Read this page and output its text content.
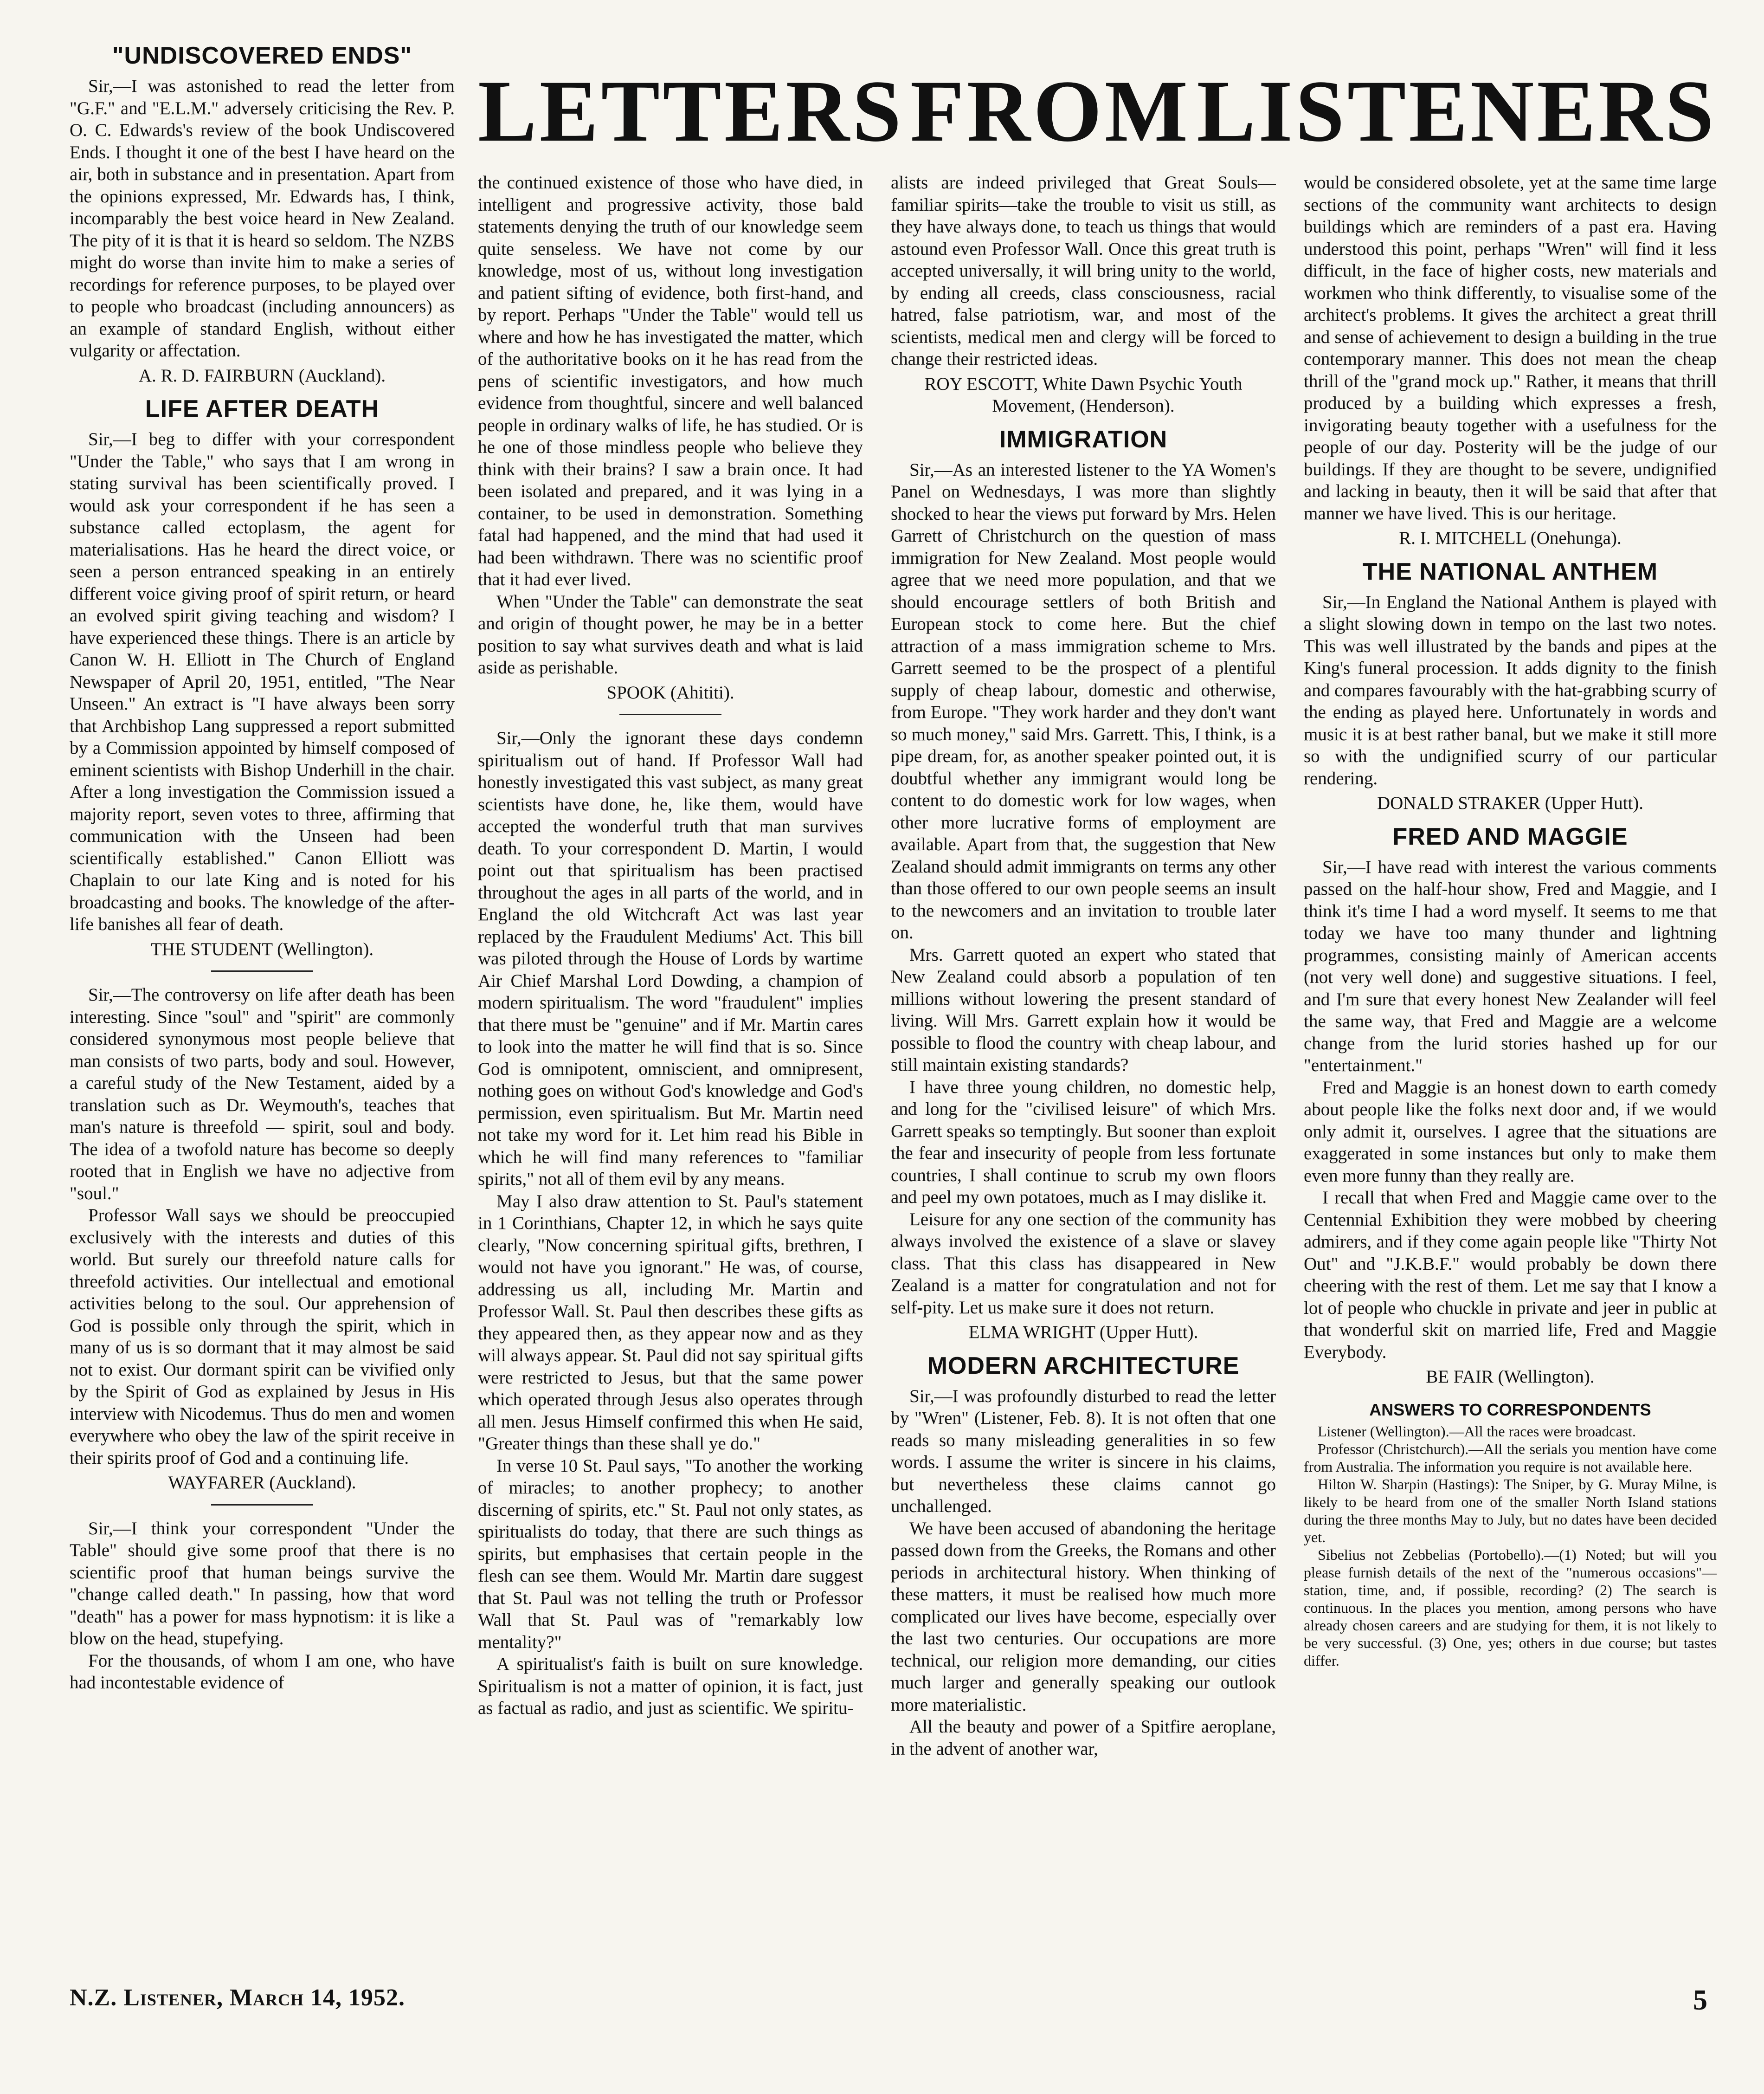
LETTERS FROM LISTENERS
"UNDISCOVERED ENDS"

Sir,—I was astonished to read the letter from "G.F." and "E.L.M." adversely criticising the Rev. P. O. C. Edwards's review of the book Undiscovered Ends. I thought it one of the best I have heard on the air, both in substance and in presentation. Apart from the opinions expressed, Mr. Edwards has, I think, incomparably the best voice heard in New Zealand. The pity of it is that it is heard so seldom. The NZBS might do worse than invite him to make a series of recordings for reference purposes, to be played over to people who broadcast (including announcers) as an example of standard English, without either vulgarity or affectation.

A. R. D. FAIRBURN (Auckland).
LIFE AFTER DEATH

Sir,—I beg to differ with your correspondent "Under the Table," who says that I am wrong in stating survival has been scientifically proved. I would ask your correspondent if he has seen a substance called ectoplasm, the agent for materialisations. Has he heard the direct voice, or seen a person entranced speaking in an entirely different voice giving proof of spirit return, or heard an evolved spirit giving teaching and wisdom? I have experienced these things. There is an article by Canon W. H. Elliott in The Church of England Newspaper of April 20, 1951, entitled, "The Near Unseen." An extract is "I have always been sorry that Archbishop Lang suppressed a report submitted by a Commission appointed by himself composed of eminent scientists with Bishop Underhill in the chair. After a long investigation the Commission issued a majority report, seven votes to three, affirming that communication with the Unseen had been scientifically established." Canon Elliott was Chaplain to our late King and is noted for his broadcasting and books. The knowledge of the after-life banishes all fear of death.

THE STUDENT (Wellington).

Sir,—The controversy on life after death has been interesting. Since "soul" and "spirit" are commonly considered synonymous most people believe that man consists of two parts, body and soul. However, a careful study of the New Testament, aided by a translation such as Dr. Weymouth's, teaches that man's nature is threefold — spirit, soul and body. The idea of a twofold nature has become so deeply rooted that in English we have no adjective from "soul."

Professor Wall says we should be preoccupied exclusively with the interests and duties of this world. But surely our threefold nature calls for threefold activities. Our intellectual and emotional activities belong to the soul. Our apprehension of God is possible only through the spirit, which in many of us is so dormant that it may almost be said not to exist. Our dormant spirit can be vivified only by the Spirit of God as explained by Jesus in His interview with Nicodemus. Thus do men and women everywhere who obey the law of the spirit receive in their spirits proof of God and a continuing life.

WAYFARER (Auckland).

Sir,—I think your correspondent "Under the Table" should give some proof that there is no scientific proof that human beings survive the "change called death." In passing, how that word "death" has a power for mass hypnotism: it is like a blow on the head, stupefying.

For the thousands, of whom I am one, who have had incontestable evidence of

the continued existence of those who have died, in intelligent and progressive activity, those bald statements denying the truth of our knowledge seem quite senseless. We have not come by our knowledge, most of us, without long investigation and patient sifting of evidence, both first-hand, and by report. Perhaps "Under the Table" would tell us where and how he has investigated the matter, which of the authoritative books on it he has read from the pens of scientific investigators, and how much evidence from thoughtful, sincere and well balanced people in ordinary walks of life, he has studied. Or is he one of those mindless people who believe they think with their brains? I saw a brain once. It had been isolated and prepared, and it was lying in a container, to be used in demonstration. Something fatal had happened, and the mind that had used it had been withdrawn. There was no scientific proof that it had ever lived.

When "Under the Table" can demonstrate the seat and origin of thought power, he may be in a better position to say what survives death and what is laid aside as perishable.

SPOOK (Ahititi).

Sir,—Only the ignorant these days condemn spiritualism out of hand. If Professor Wall had honestly investigated this vast subject, as many great scientists have done, he, like them, would have accepted the wonderful truth that man survives death. To your correspondent D. Martin, I would point out that spiritualism has been practised throughout the ages in all parts of the world, and in England the old Witchcraft Act was last year replaced by the Fraudulent Mediums' Act. This bill was piloted through the House of Lords by wartime Air Chief Marshal Lord Dowding, a champion of modern spiritualism. The word "fraudulent" implies that there must be "genuine" and if Mr. Martin cares to look into the matter he will find that is so. Since God is omnipotent, omniscient, and omnipresent, nothing goes on without God's knowledge and God's permission, even spiritualism. But Mr. Martin need not take my word for it. Let him read his Bible in which he will find many references to "familiar spirits," not all of them evil by any means.

May I also draw attention to St. Paul's statement in 1 Corinthians, Chapter 12, in which he says quite clearly, "Now concerning spiritual gifts, brethren, I would not have you ignorant." He was, of course, addressing us all, including Mr. Martin and Professor Wall. St. Paul then describes these gifts as they appeared then, as they appear now and as they will always appear. St. Paul did not say spiritual gifts were restricted to Jesus, but that the same power which operated through Jesus also operates through all men. Jesus Himself confirmed this when He said, "Greater things than these shall ye do."

In verse 10 St. Paul says, "To another the working of miracles; to another prophecy; to another discerning of spirits, etc." St. Paul not only states, as spiritualists do today, that there are such things as spirits, but emphasises that certain people in the flesh can see them. Would Mr. Martin dare suggest that St. Paul was not telling the truth or Professor Wall that St. Paul was of "remarkably low mentality?"

A spiritualist's faith is built on sure knowledge. Spiritualism is not a matter of opinion, it is fact, just as factual as radio, and just as scientific. We spiritu-

alists are indeed privileged that Great Souls—familiar spirits—take the trouble to visit us still, as they have always done, to teach us things that would astound even Professor Wall. Once this great truth is accepted universally, it will bring unity to the world, by ending all creeds, class consciousness, racial hatred, false patriotism, war, and most of the scientists, medical men and clergy will be forced to change their restricted ideas.

ROY ESCOTT, White Dawn Psychic Youth Movement, (Henderson).
IMMIGRATION

Sir,—As an interested listener to the YA Women's Panel on Wednesdays, I was more than slightly shocked to hear the views put forward by Mrs. Helen Garrett of Christchurch on the question of mass immigration for New Zealand. Most people would agree that we need more population, and that we should encourage settlers of both British and European stock to come here. But the chief attraction of a mass immigration scheme to Mrs. Garrett seemed to be the prospect of a plentiful supply of cheap labour, domestic and otherwise, from Europe. "They work harder and they don't want so much money," said Mrs. Garrett. This, I think, is a pipe dream, for, as another speaker pointed out, it is doubtful whether any immigrant would long be content to do domestic work for low wages, when other more lucrative forms of employment are available. Apart from that, the suggestion that New Zealand should admit immigrants on terms any other than those offered to our own people seems an insult to the newcomers and an invitation to trouble later on.

Mrs. Garrett quoted an expert who stated that New Zealand could absorb a population of ten millions without lowering the present standard of living. Will Mrs. Garrett explain how it would be possible to flood the country with cheap labour, and still maintain existing standards?

I have three young children, no domestic help, and long for the "civilised leisure" of which Mrs. Garrett speaks so temptingly. But sooner than exploit the fear and insecurity of people from less fortunate countries, I shall continue to scrub my own floors and peel my own potatoes, much as I may dislike it.

Leisure for any one section of the community has always involved the existence of a slave or slavey class. That this class has disappeared in New Zealand is a matter for congratulation and not for self-pity. Let us make sure it does not return.

ELMA WRIGHT (Upper Hutt).
MODERN ARCHITECTURE

Sir,—I was profoundly disturbed to read the letter by "Wren" (Listener, Feb. 8). It is not often that one reads so many misleading generalities in so few words. I assume the writer is sincere in his claims, but nevertheless these claims cannot go unchallenged.

We have been accused of abandoning the heritage passed down from the Greeks, the Romans and other periods in architectural history. When thinking of these matters, it must be realised how much more complicated our lives have become, especially over the last two centuries. Our occupations are more technical, our religion more demanding, our cities much larger and generally speaking our outlook more materialistic.

All the beauty and power of a Spitfire aeroplane, in the advent of another war,

would be considered obsolete, yet at the same time large sections of the community want architects to design buildings which are reminders of a past era. Having understood this point, perhaps "Wren" will find it less difficult, in the face of higher costs, new materials and workmen who think differently, to visualise some of the architect's problems. It gives the architect a great thrill and sense of achievement to design a building in the true contemporary manner. This does not mean the cheap thrill of the "grand mock up." Rather, it means that thrill produced by a building which expresses a fresh, invigorating beauty together with a usefulness for the people of our day. Posterity will be the judge of our buildings. If they are thought to be severe, undignified and lacking in beauty, then it will be said that after that manner we have lived. This is our heritage.

R. I. MITCHELL (Onehunga).
THE NATIONAL ANTHEM

Sir,—In England the National Anthem is played with a slight slowing down in tempo on the last two notes. This was well illustrated by the bands and pipes at the King's funeral procession. It adds dignity to the finish and compares favourably with the hat-grabbing scurry of the ending as played here. Unfortunately in words and music it is at best rather banal, but we make it still more so with the undignified scurry of our particular rendering.

DONALD STRAKER (Upper Hutt).
FRED AND MAGGIE

Sir,—I have read with interest the various comments passed on the half-hour show, Fred and Maggie, and I think it's time I had a word myself. It seems to me that today we have too many thunder and lightning programmes, consisting mainly of American accents (not very well done) and suggestive situations. I feel, and I'm sure that every honest New Zealander will feel the same way, that Fred and Maggie are a welcome change from the lurid stories hashed up for our "entertainment."

Fred and Maggie is an honest down to earth comedy about people like the folks next door and, if we would only admit it, ourselves. I agree that the situations are exaggerated in some instances but only to make them even more funny than they really are.

I recall that when Fred and Maggie came over to the Centennial Exhibition they were mobbed by cheering admirers, and if they come again people like "Thirty Not Out" and "J.K.B.F." would probably be down there cheering with the rest of them. Let me say that I know a lot of people who chuckle in private and jeer in public at that wonderful skit on married life, Fred and Maggie Everybody.

BE FAIR (Wellington).
ANSWERS TO CORRESPONDENTS

Listener (Wellington).—All the races were broadcast.

Professor (Christchurch).—All the serials you mention have come from Australia. The information you require is not available here.

Hilton W. Sharpin (Hastings): The Sniper, by G. Muray Milne, is likely to be heard from one of the smaller North Island stations during the three months May to July, but no dates have been decided yet.

Sibelius not Zebbelias (Portobello).—(1) Noted; but will you please furnish details of the next of the "numerous occasions"—station, time, and, if possible, recording? (2) The search is continuous. In the places you mention, among persons who have already chosen careers and are studying for them, it is not likely to be very successful. (3) One, yes; others in due course; but tastes differ.

N.Z. Listener, March 14, 1952.	5
